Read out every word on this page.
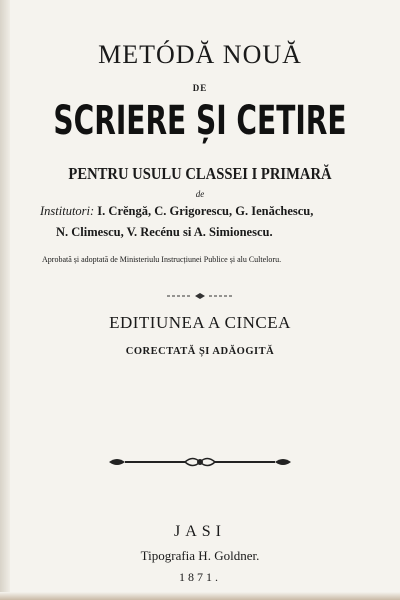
METÓDĂ NOUĂ
DE
SCRIERE ȘI CETIRE
PENTRU USULU CLASSEI I PRIMARĂ
de
Institutori: I. Crĕngă, C. Grigorescu, G. Ienăchescu,
N. Climescu, V. Recénu si A. Simionescu.
Aprobată și adoptată de Ministeriulu Instrucțiunei Publice și alu Culteloru.
EDITIUNEA A CINCEA
CORECTATĂ ȘI ADĂOGITĂ
JASI
Tipografia H. Goldner.
1871.
